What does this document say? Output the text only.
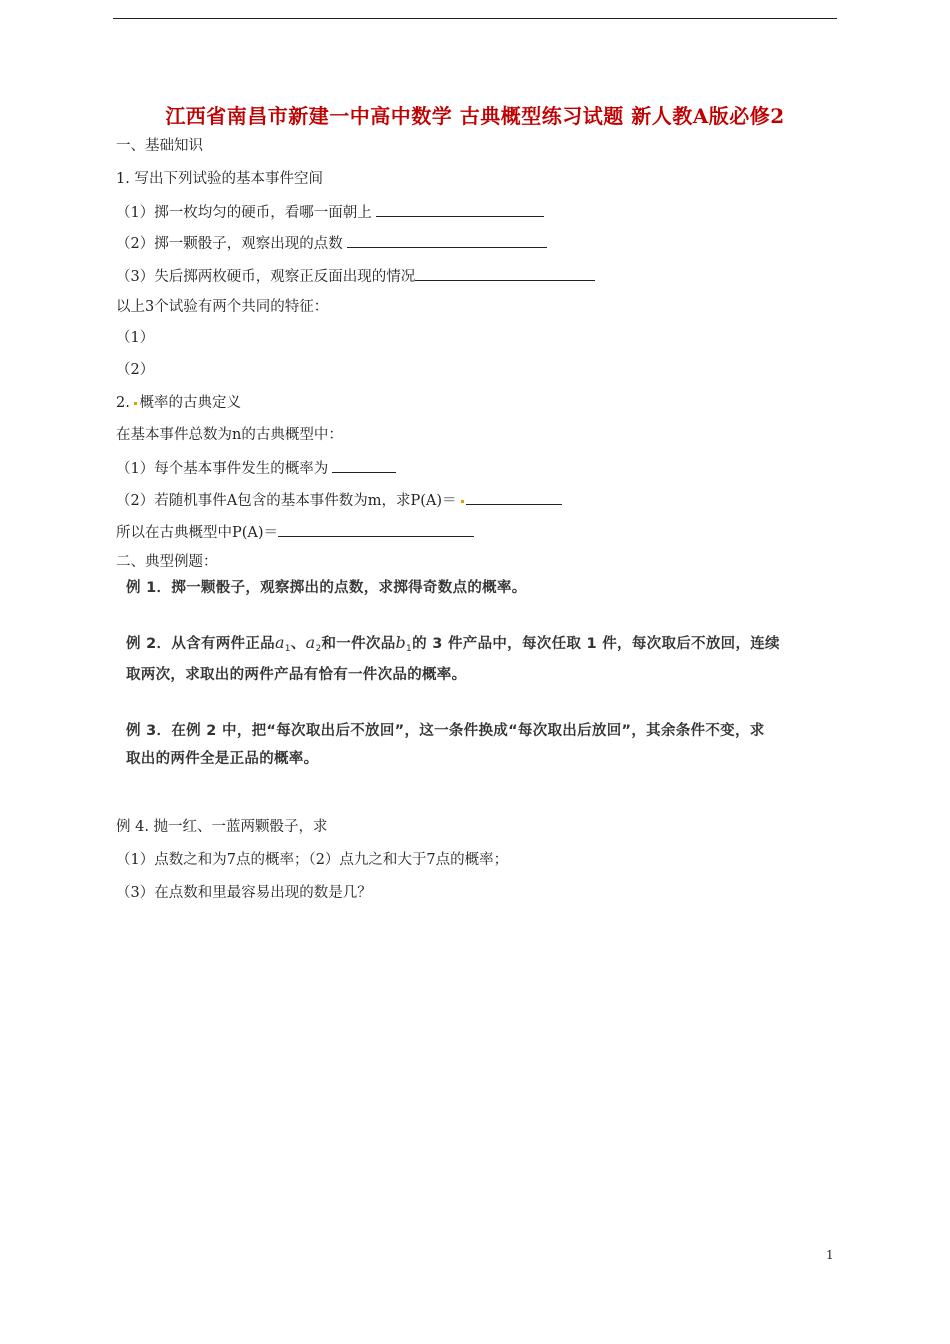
江西省南昌市新建一中高中数学 古典概型练习试题 新人教A版必修2
一、基础知识
1. 写出下列试验的基本事件空间
（1）掷一枚均匀的硬币，看哪一面朝上
（2）掷一颗骰子，观察出现的点数
（3）失后掷两枚硬币，观察正反面出现的情况
以上3个试验有两个共同的特征：
（1）
（2）
2. 概率的古典定义
在基本事件总数为n的古典概型中：
（1）每个基本事件发生的概率为
（2）若随机事件A包含的基本事件数为m，求P(A)＝
所以在古典概型中P(A)＝
二、典型例题：
例 1．掷一颗骰子，观察掷出的点数，求掷得奇数点的概率。
例 2．从含有两件正品$a_1$、$a_2$和一件次品$b_1$的 3 件产品中，每次任取 1 件，每次取后不放回，连续
取两次，求取出的两件产品有恰有一件次品的概率。
例 3．在例 2 中，把“每次取出后不放回”，这一条件换成“每次取出后放回”，其余条件不变，求
取出的两件全是正品的概率。
例 4. 抛一红、一蓝两颗骰子，求
（1）点数之和为7点的概率；（2）点九之和大于7点的概率；
（3）在点数和里最容易出现的数是几？
1
